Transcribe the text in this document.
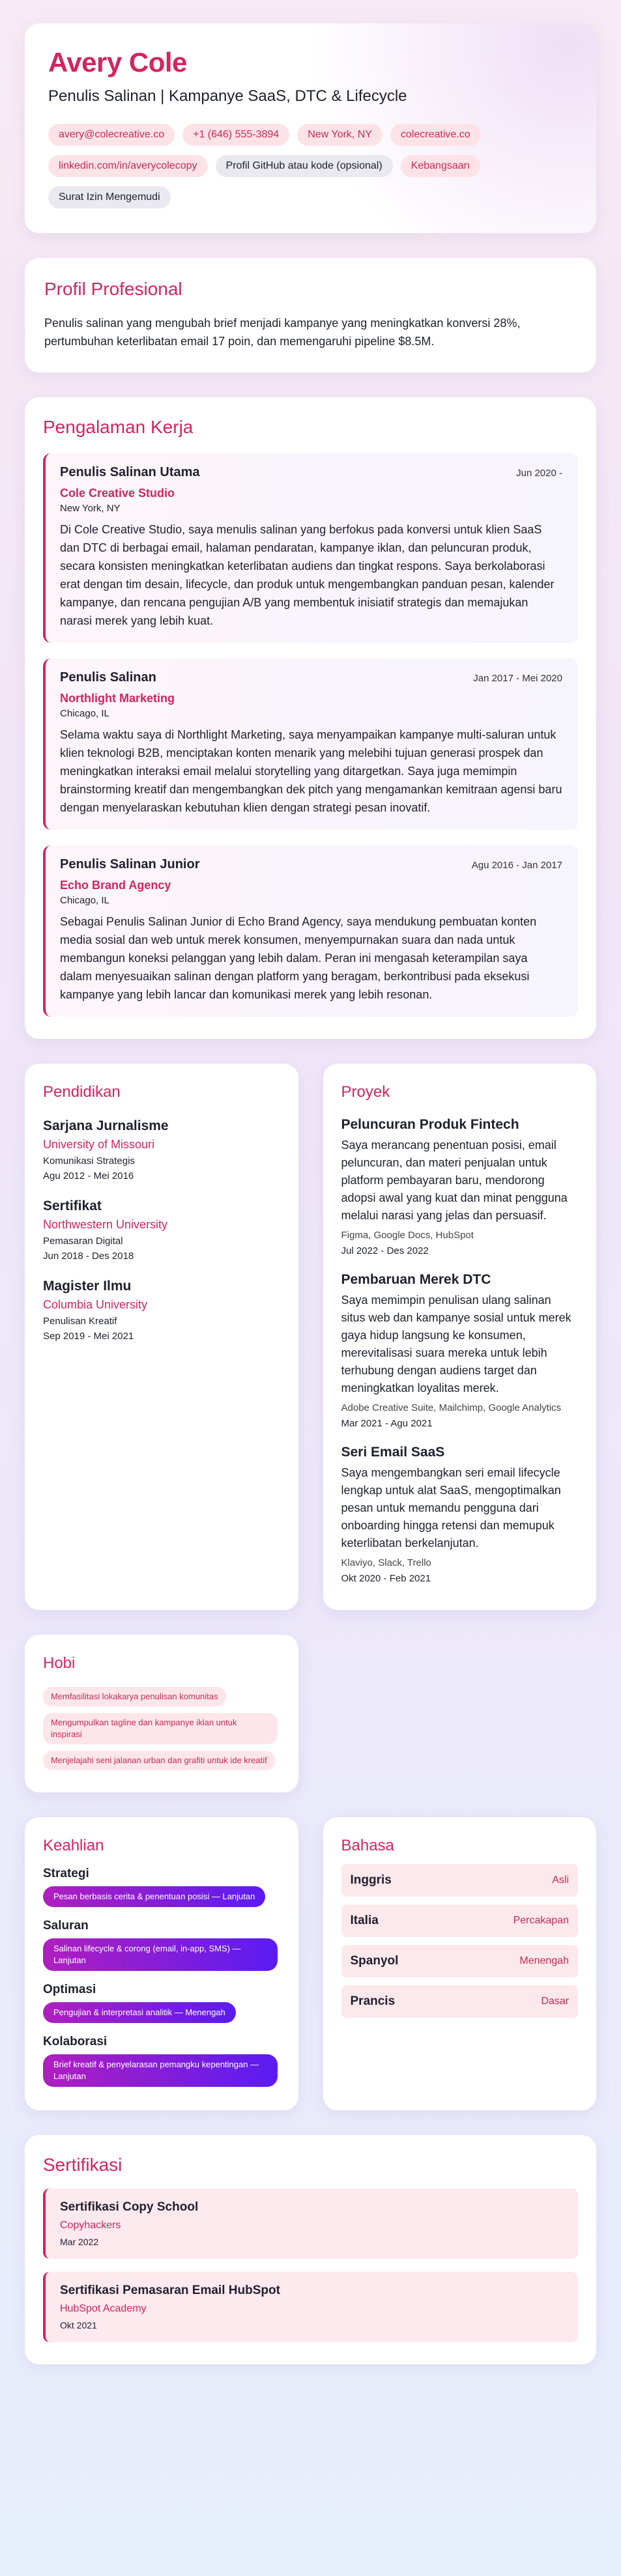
Avery Cole
Penulis Salinan | Kampanye SaaS, DTC & Lifecycle
avery@colecreative.co	+1 (646) 555-3894	New York, NY	colecreative.co
linkedin.com/in/averycolecopy	Profil GitHub atau kode (opsional)	Kebangsaan
Surat Izin Mengemudi
Profil Profesional
Penulis salinan yang mengubah brief menjadi kampanye yang meningkatkan konversi 28%, pertumbuhan keterlibatan email 17 poin, dan memengaruhi pipeline $8.5M.
Pengalaman Kerja
Penulis Salinan Utama	Jun 2020 -
Cole Creative Studio
New York, NY
Di Cole Creative Studio, saya menulis salinan yang berfokus pada konversi untuk klien SaaS dan DTC di berbagai email, halaman pendaratan, kampanye iklan, dan peluncuran produk, secara konsisten meningkatkan keterlibatan audiens dan tingkat respons. Saya berkolaborasi erat dengan tim desain, lifecycle, dan produk untuk mengembangkan panduan pesan, kalender kampanye, dan rencana pengujian A/B yang membentuk inisiatif strategis dan memajukan narasi merek yang lebih kuat.
Penulis Salinan	Jan 2017 - Mei 2020
Northlight Marketing
Chicago, IL
Selama waktu saya di Northlight Marketing, saya menyampaikan kampanye multi-saluran untuk klien teknologi B2B, menciptakan konten menarik yang melebihi tujuan generasi prospek dan meningkatkan interaksi email melalui storytelling yang ditargetkan. Saya juga memimpin brainstorming kreatif dan mengembangkan dek pitch yang mengamankan kemitraan agensi baru dengan menyelaraskan kebutuhan klien dengan strategi pesan inovatif.
Penulis Salinan Junior	Agu 2016 - Jan 2017
Echo Brand Agency
Chicago, IL
Sebagai Penulis Salinan Junior di Echo Brand Agency, saya mendukung pembuatan konten media sosial dan web untuk merek konsumen, menyempurnakan suara dan nada untuk membangun koneksi pelanggan yang lebih dalam. Peran ini mengasah keterampilan saya dalam menyesuaikan salinan dengan platform yang beragam, berkontribusi pada eksekusi kampanye yang lebih lancar dan komunikasi merek yang lebih resonan.
Pendidikan
Sarjana Jurnalisme
University of Missouri
Komunikasi Strategis
Agu 2012 - Mei 2016
Sertifikat
Northwestern University
Pemasaran Digital
Jun 2018 - Des 2018
Magister Ilmu
Columbia University
Penulisan Kreatif
Sep 2019 - Mei 2021
Proyek
Peluncuran Produk Fintech
Saya merancang penentuan posisi, email peluncuran, dan materi penjualan untuk platform pembayaran baru, mendorong adopsi awal yang kuat dan minat pengguna melalui narasi yang jelas dan persuasif.
Figma, Google Docs, HubSpot
Jul 2022 - Des 2022
Pembaruan Merek DTC
Saya memimpin penulisan ulang salinan situs web dan kampanye sosial untuk merek gaya hidup langsung ke konsumen, merevitalisasi suara mereka untuk lebih terhubung dengan audiens target dan meningkatkan loyalitas merek.
Adobe Creative Suite, Mailchimp, Google Analytics
Mar 2021 - Agu 2021
Seri Email SaaS
Saya mengembangkan seri email lifecycle lengkap untuk alat SaaS, mengoptimalkan pesan untuk memandu pengguna dari onboarding hingga retensi dan memupuk keterlibatan berkelanjutan.
Klaviyo, Slack, Trello
Okt 2020 - Feb 2021
Hobi
Memfasilitasi lokakarya penulisan komunitas
Mengumpulkan tagline dan kampanye iklan untuk inspirasi
Menjelajahi seni jalanan urban dan grafiti untuk ide kreatif
Keahlian
Strategi
Pesan berbasis cerita & penentuan posisi — Lanjutan
Saluran
Salinan lifecycle & corong (email, in-app, SMS) — Lanjutan
Optimasi
Pengujian & interpretasi analitik — Menengah
Kolaborasi
Brief kreatif & penyelarasan pemangku kepentingan — Lanjutan
Bahasa
Inggris	Asli
Italia	Percakapan
Spanyol	Menengah
Prancis	Dasar
Sertifikasi
Sertifikasi Copy School
Copyhackers
Mar 2022
Sertifikasi Pemasaran Email HubSpot
HubSpot Academy
Okt 2021
